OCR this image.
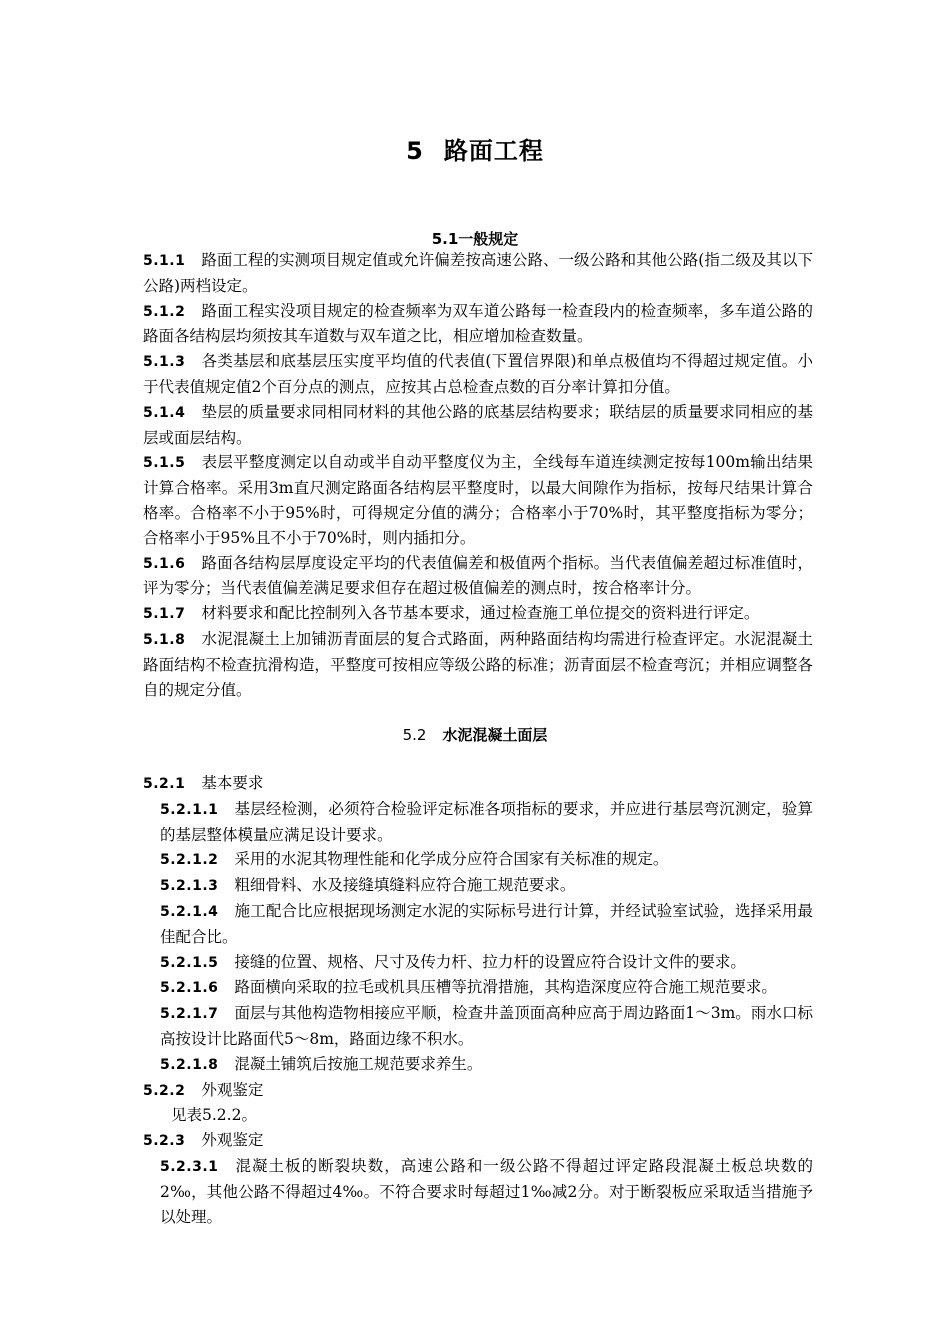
5 路面工程
5.1一般规定

5.1.1 路面工程的实测项目规定值或允许偏差按高速公路、一级公路和其他公路(指二级及其以下公路)两档设定。

5.1.2 路面工程实没项目规定的检查频率为双车道公路每一检查段内的检查频率，多车道公路的路面各结构层均须按其车道数与双车道之比，相应增加检查数量。

5.1.3 各类基层和底基层压实度平均值的代表值(下置信界限)和单点极值均不得超过规定值。小于代表值规定值2个百分点的测点，应按其占总检查点数的百分率计算扣分值。

5.1.4 垫层的质量要求同相同材料的其他公路的底基层结构要求；联结层的质量要求同相应的基层或面层结构。

5.1.5 表层平整度测定以自动或半自动平整度仪为主，全线每车道连续测定按每100m输出结果计算合格率。采用3m直尺测定路面各结构层平整度时，以最大间隙作为指标，按每尺结果计算合格率。合格率不小于95%时，可得规定分值的满分；合格率小于70%时，其平整度指标为零分；合格率小于95%且不小于70%时，则内插扣分。

5.1.6 路面各结构层厚度设定平均的代表值偏差和极值两个指标。当代表值偏差超过标准值时，评为零分；当代表值偏差满足要求但存在超过极值偏差的测点时，按合格率计分。

5.1.7 材料要求和配比控制列入各节基本要求，通过检查施工单位提交的资料进行评定。

5.1.8 水泥混凝土上加铺沥青面层的复合式路面，两种路面结构均需进行检查评定。水泥混凝土路面结构不检查抗滑构造，平整度可按相应等级公路的标准；沥青面层不检查弯沉；并相应调整各自的规定分值。

5.2 水泥混凝土面层

5.2.1 基本要求

5.2.1.1 基层经检测，必须符合检验评定标准各项指标的要求，并应进行基层弯沉测定，验算的基层整体模量应满足设计要求。

5.2.1.2 采用的水泥其物理性能和化学成分应符合国家有关标准的规定。

5.2.1.3 粗细骨料、水及接缝填缝料应符合施工规范要求。

5.2.1.4 施工配合比应根据现场测定水泥的实际标号进行计算，并经试验室试验，选择采用最佳配合比。

5.2.1.5 接缝的位置、规格、尺寸及传力杆、拉力杆的设置应符合设计文件的要求。

5.2.1.6 路面横向采取的拉毛或机具压槽等抗滑措施，其构造深度应符合施工规范要求。

5.2.1.7 面层与其他构造物相接应平顺，检查井盖顶面高种应高于周边路面1～3m。雨水口标高按设计比路面代5～8m，路面边缘不积水。

5.2.1.8 混凝土铺筑后按施工规范要求养生。

5.2.2 外观鉴定

见表5.2.2。

5.2.3 外观鉴定

5.2.3.1 混凝土板的断裂块数，高速公路和一级公路不得超过评定路段混凝土板总块数的2‰，其他公路不得超过4‰。不符合要求时每超过1‰减2分。对于断裂板应采取适当措施予以处理。
